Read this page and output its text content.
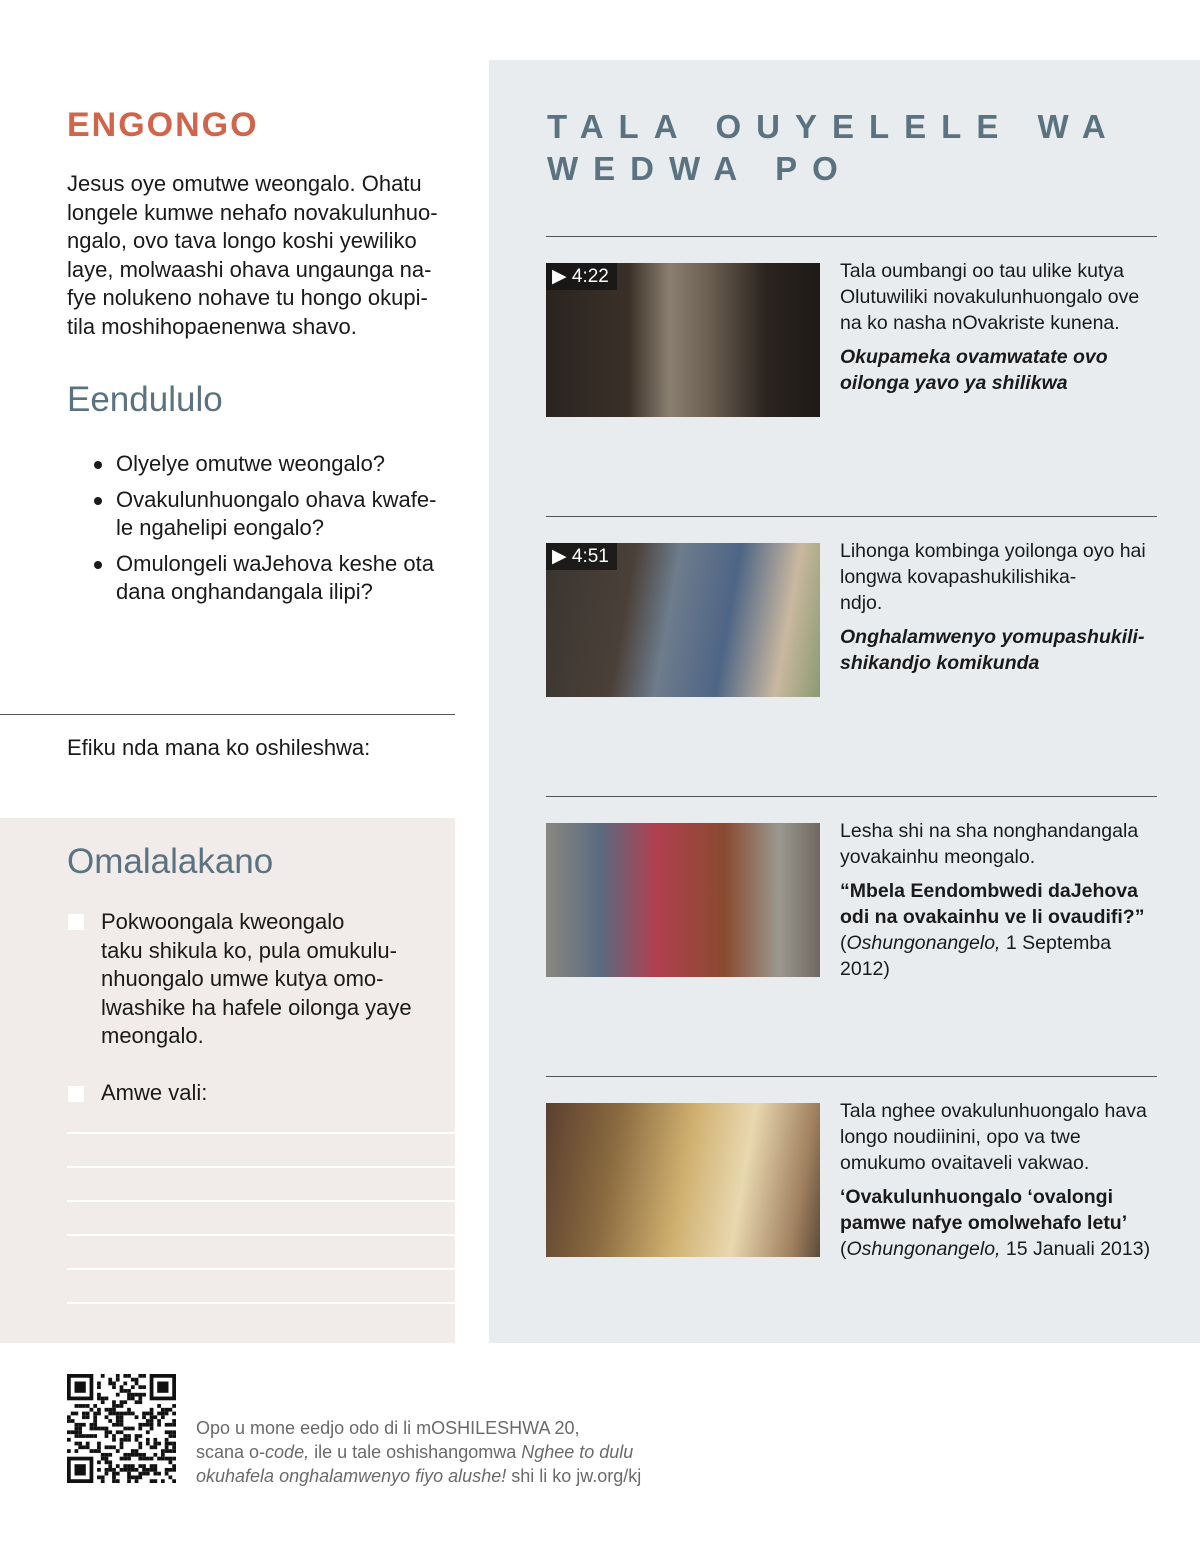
ENGONGO

Jesus oye omutwe weongalo. Ohatu longele kumwe nehafo novakulunhuo-
ngalo, ovo tava longo koshi yewiliko laye, molwaashi ohava ungaunga na-
fye nolukeno nohave tu hongo okupi-
tila moshihopaenenwa shavo.

Eendululo
Olyelye omutwe weongalo?
Ovakulunhuongalo ohava kwafe-
le ngahelipi eongalo?
Omulongeli waJehova keshe ota dana onghandangala ilipi?
Efiku nda mana ko oshileshwa:
Omalalakano
Pokwoongala kweongalo
taku shikula ko, pula omukulu-
nhuongalo umwe kutya omo-
lwashike ha hafele oilonga yaye
meongalo.
Amwe vali:
TALA OUYELELE WA WEDWA PO
▶ 4:22	Tala oumbangi oo tau ulike kutya Olutuwiliki novakulunhuongalo ove na ko nasha nOvakriste kunena.
Okupameka ovamwatate ovo oilonga yavo ya shilikwa
▶ 4:51	Lihonga kombinga yoilonga oyo hai longwa kovapashukilishika-
ndjo.
Onghalamwenyo yomupashukili-
shikandjo komikunda
Lesha shi na sha nonghandangala yovakainhu meongalo.
“Mbela Eendombwedi daJehova odi na ovakainhu ve li ovaudifi?”
(Oshungonangelo, 1 Septemba 2012)
Tala nghee ovakulunhuongalo hava longo noudiinini, opo va twe omukumo ovaitaveli vakwao.
‘Ovakulunhuongalo ‘ovalongi pamwe nafye omolwehafo letu’
(Oshungonangelo, 15 Januali 2013)
Opo u mone eedjo odo di li mOSHILESHWA 20,
scana o-code, ile u tale oshishangomwa Nghee to dulu
okuhafela onghalamwenyo fiyo alushe! shi li ko jw.org/kj
